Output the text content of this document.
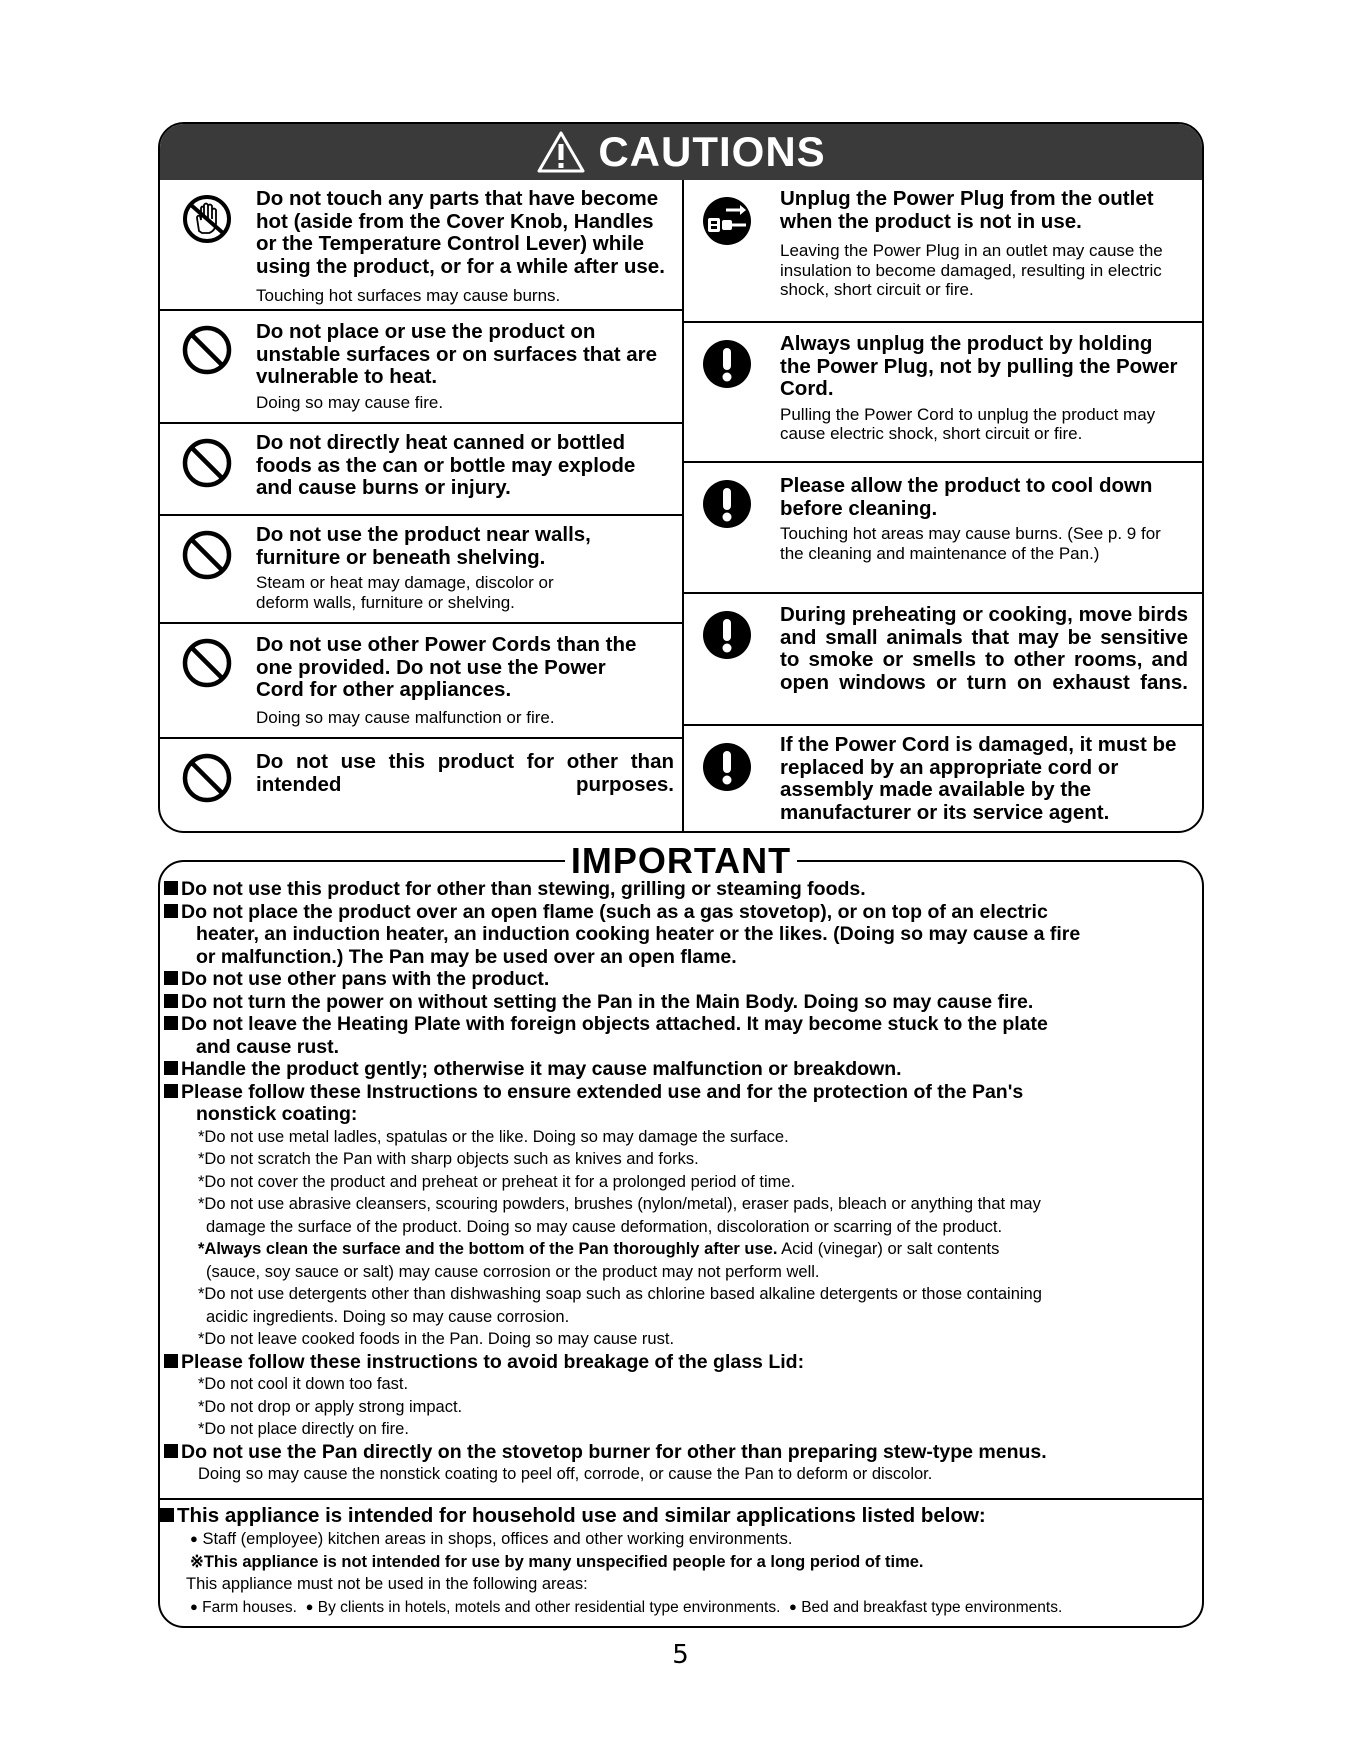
CAUTIONS

Do not touch any parts that have become hot (aside from the Cover Knob, Handles or the Temperature Control Lever) while using the product, or for a while after use.

Touching hot surfaces may cause burns.

Do not place or use the product on unstable surfaces or on surfaces that are vulnerable to heat.

Doing so may cause fire.

Do not directly heat canned or bottled foods as the can or bottle may explode and cause burns or injury.

Do not use the product near walls, furniture or beneath shelving.

Steam or heat may damage, discolor or deform walls, furniture or shelving.

Do not use other Power Cords than the one provided. Do not use the Power Cord for other appliances.

Doing so may cause malfunction or fire.

Do not use this product for other than intended purposes.

Unplug the Power Plug from the outlet when the product is not in use.

Leaving the Power Plug in an outlet may cause the insulation to become damaged, resulting in electric shock, short circuit or fire.

Always unplug the product by holding the Power Plug, not by pulling the Power Cord.

Pulling the Power Cord to unplug the product may cause electric shock, short circuit or fire.

Please allow the product to cool down before cleaning.

Touching hot areas may cause burns. (See p. 9 for the cleaning and maintenance of the Pan.)

During preheating or cooking, move birds and small animals that may be sensitive to smoke or smells to other rooms, and open windows or turn on exhaust fans.

If the Power Cord is damaged, it must be replaced by an appropriate cord or assembly made available by the manufacturer or its service agent.

IMPORTANT

Do not use this product for other than stewing, grilling or steaming foods.

Do not place the product over an open flame (such as a gas stovetop), or on top of an electric

heater, an induction heater, an induction cooking heater or the likes. (Doing so may cause a fire

or malfunction.) The Pan may be used over an open flame.

Do not use other pans with the product.

Do not turn the power on without setting the Pan in the Main Body. Doing so may cause fire.

Do not leave the Heating Plate with foreign objects attached. It may become stuck to the plate

and cause rust.

Handle the product gently; otherwise it may cause malfunction or breakdown.

Please follow these Instructions to ensure extended use and for the protection of the Pan's

nonstick coating:

*Do not use metal ladles, spatulas or the like. Doing so may damage the surface.

*Do not scratch the Pan with sharp objects such as knives and forks.

*Do not cover the product and preheat or preheat it for a prolonged period of time.

*Do not use abrasive cleansers, scouring powders, brushes (nylon/metal), eraser pads, bleach or anything that may

damage the surface of the product. Doing so may cause deformation, discoloration or scarring of the product.

*Always clean the surface and the bottom of the Pan thoroughly after use. Acid (vinegar) or salt contents

(sauce, soy sauce or salt) may cause corrosion or the product may not perform well.

*Do not use detergents other than dishwashing soap such as chlorine based alkaline detergents or those containing

acidic ingredients. Doing so may cause corrosion.

*Do not leave cooked foods in the Pan. Doing so may cause rust.

Please follow these instructions to avoid breakage of the glass Lid:

*Do not cool it down too fast.

*Do not drop or apply strong impact.

*Do not place directly on fire.

Do not use the Pan directly on the stovetop burner for other than preparing stew-type menus.

Doing so may cause the nonstick coating to peel off, corrode, or cause the Pan to deform or discolor.

This appliance is intended for household use and similar applications listed below:

● Staff (employee) kitchen areas in shops, offices and other working environments.

※This appliance is not intended for use by many unspecified people for a long period of time.

This appliance must not be used in the following areas:

● Farm houses. ● By clients in hotels, motels and other residential type environments. ● Bed and breakfast type environments.

5
